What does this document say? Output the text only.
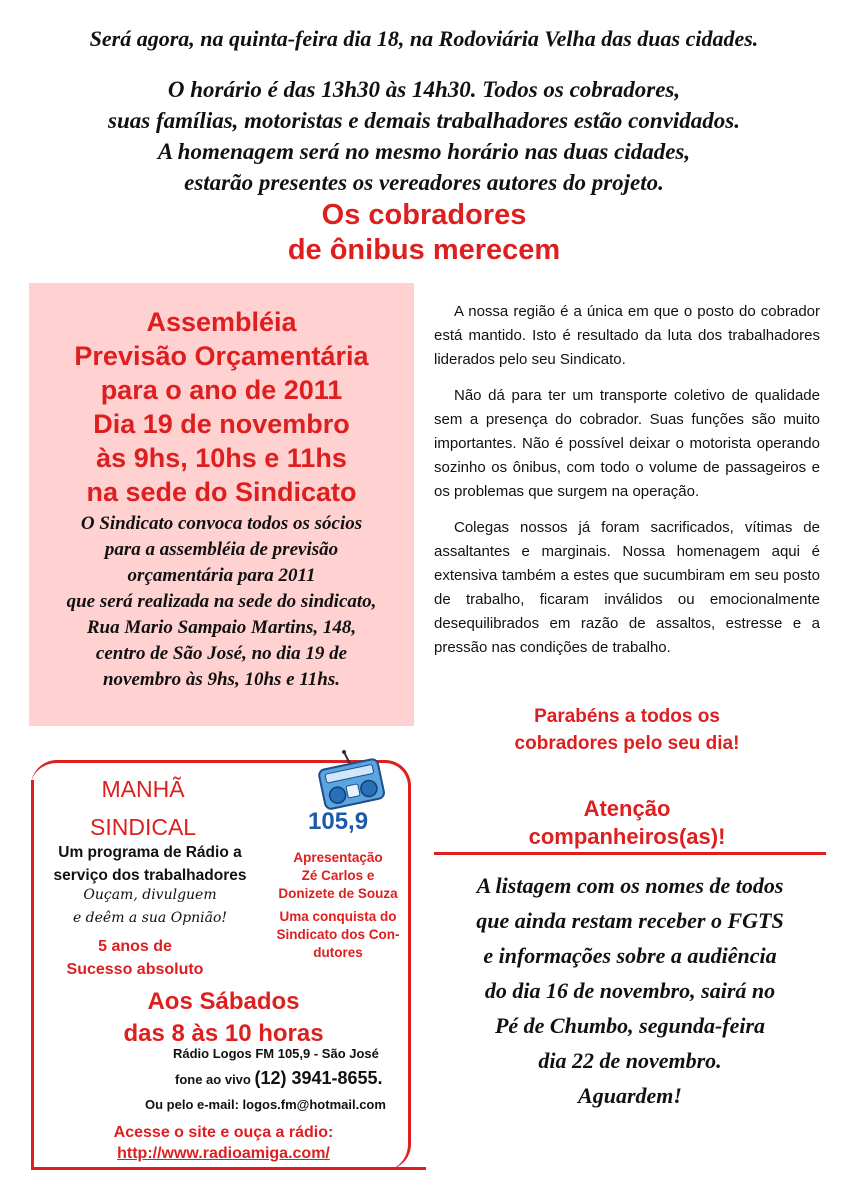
Será agora, na quinta-feira dia 18, na Rodoviária Velha das duas cidades.
O horário é das 13h30 às 14h30. Todos os cobradores,
suas famílias, motoristas e demais trabalhadores estão convidados.
A homenagem será no mesmo horário nas duas cidades,
estarão presentes os vereadores autores do projeto.
Os cobradores
de ônibus merecem
Assembléia
Previsão Orçamentária
para o ano de 2011
Dia 19 de novembro
às 9hs, 10hs e 11hs
na sede do Sindicato
O Sindicato convoca todos os sócios
para a assembléia de previsão
orçamentária para 2011
que será realizada na sede do sindicato,
Rua Mario Sampaio Martins, 148,
centro de São José, no dia 19 de
novembro às 9hs, 10hs e 11hs.

A nossa região é a única em que o posto do cobrador está mantido. Isto é resultado da luta dos trabalhadores liderados pelo seu Sindicato.

Não dá para ter um transporte coletivo de qualidade sem a presença do cobrador. Suas funções são muito importantes. Não é possível deixar o motorista operando sozinho os ônibus, com todo o volume de passageiros e os problemas que surgem na operação.

Colegas nossos já foram sacrificados, vítimas de assaltantes e marginais. Nossa homenagem aqui é extensiva também a estes que sucumbiram em seu posto de trabalho, ficaram inválidos ou emocionalmente desequilibrados em razão de assaltos, estresse e a pressão nas condições de trabalho.

Parabéns a todos os
cobradores pelo seu dia!
MANHÃ
SINDICAL	105,9
Um programa de Rádio a
serviço dos trabalhadores
Ouçam, divulguem
e deêm a sua Opnião!
5 anos de
Sucesso absoluto
Apresentação
Zé Carlos e
Donizete de Souza
Uma conquista do
Sindicato dos Con-
dutores
Aos Sábados
das 8 às 10 horas
Rádio Logos FM 105,9 - São José
fone ao vivo (12) 3941-8655.
Ou pelo e-mail: logos.fm@hotmail.com
Acesse o site e ouça a rádio:
http://www.radioamiga.com/
Atenção
companheiros(as)!
A listagem com os nomes de todos
que ainda restam receber o FGTS
e informações sobre a audiência
do dia 16 de novembro, sairá no
Pé de Chumbo, segunda-feira
dia 22 de novembro.
Aguardem!
